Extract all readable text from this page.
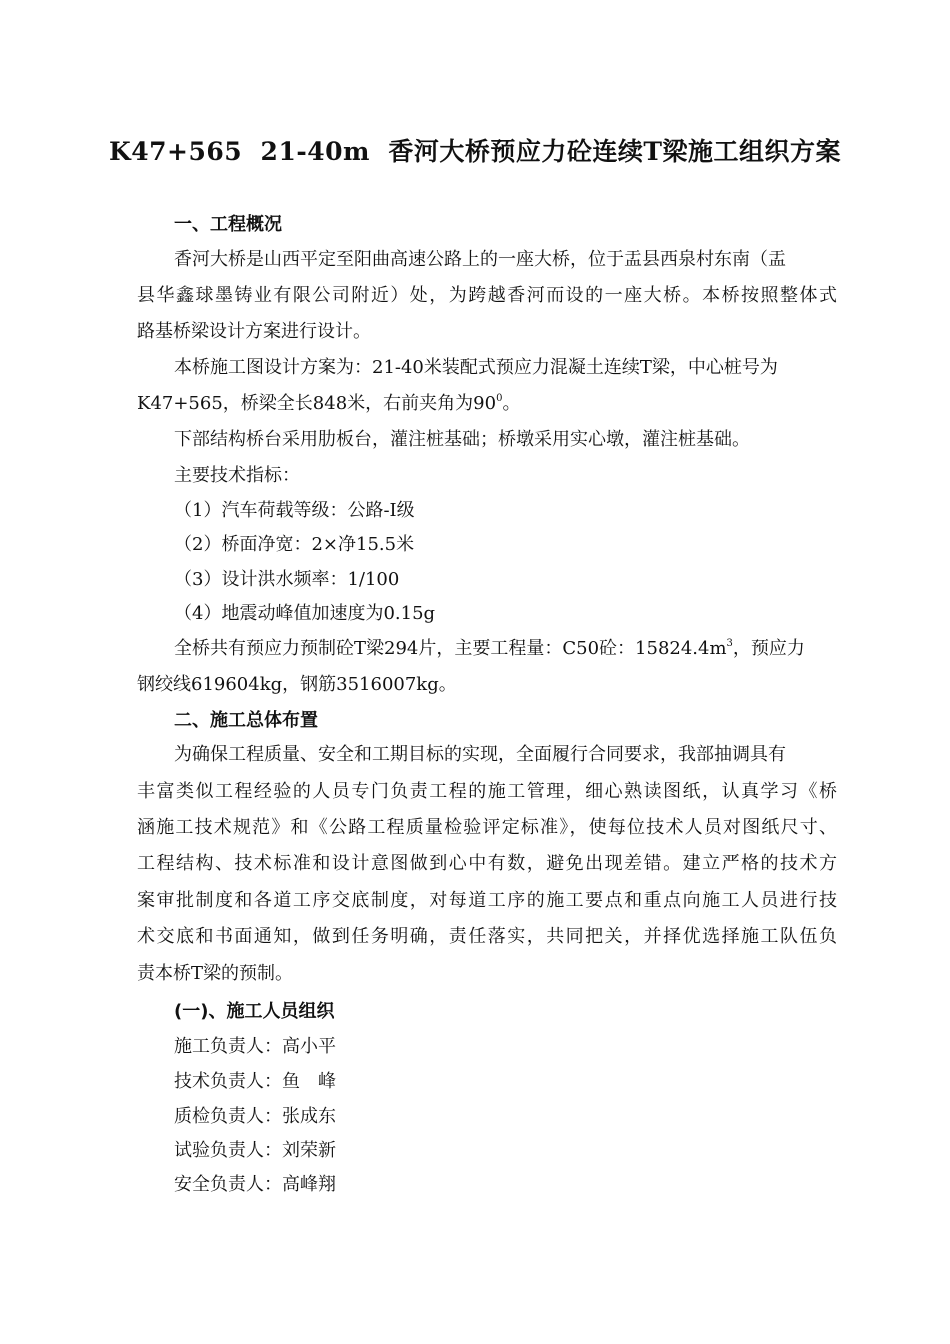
K47+565  21-40m  香河大桥预应力砼连续T梁施工组织方案
一、工程概况
香河大桥是山西平定至阳曲高速公路上的一座大桥，位于盂县西泉村东南（盂
县华鑫球墨铸业有限公司附近）处，为跨越香河而设的一座大桥。本桥按照整体式
路基桥梁设计方案进行设计。
本桥施工图设计方案为：21-40米装配式预应力混凝土连续T梁，中心桩号为
K47+565，桥梁全长848米，右前夹角为$90^0$。
下部结构桥台采用肋板台，灌注桩基础；桥墩采用实心墩，灌注桩基础。
主要技术指标：
（1）汽车荷载等级：公路-I级
（2）桥面净宽：2×净15.5米
（3）设计洪水频率：1/100
（4）地震动峰值加速度为0.15g
全桥共有预应力预制砼T梁294片，主要工程量：C50砼：$15824.4m^3$，预应力
钢绞线619604kg，钢筋3516007kg。
二、施工总体布置
为确保工程质量、安全和工期目标的实现，全面履行合同要求，我部抽调具有
丰富类似工程经验的人员专门负责工程的施工管理，细心熟读图纸，认真学习《桥
涵施工技术规范》和《公路工程质量检验评定标准》，使每位技术人员对图纸尺寸、
工程结构、技术标准和设计意图做到心中有数，避免出现差错。建立严格的技术方
案审批制度和各道工序交底制度，对每道工序的施工要点和重点向施工人员进行技
术交底和书面通知，做到任务明确，责任落实，共同把关，并择优选择施工队伍负
责本桥T梁的预制。
(一)、施工人员组织
施工负责人：高小平
技术负责人：鱼　峰
质检负责人：张成东
试验负责人：刘荣新
安全负责人：高峰翔
